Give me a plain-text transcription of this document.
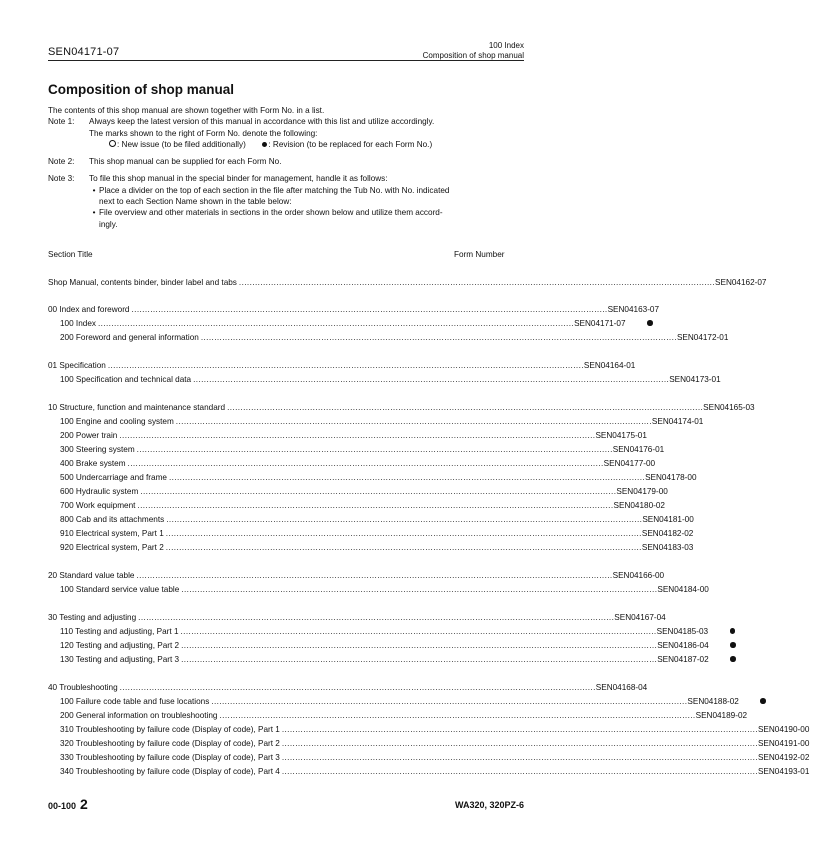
SEN04171-07
100 Index
Composition of shop manual
Composition of shop manual
The contents of this shop manual are shown together with Form No. in a list.
Note 1:	Always keep the latest version of this manual in accordance with this list and utilize accordingly.
The marks shown to the right of Form No. denote the following:
: New issue (to be filed additionally)	: Revision (to be replaced for each Form No.)
Note 2:	This shop manual can be supplied for each Form No.
Note 3:	To file this shop manual in the special binder for management, handle it as follows:
• Place a divider on the top of each section in the file after matching the Tub No. with No. indicated
next to each Section Name shown in the table below:
• File overview and other materials in sections in the order shown below and utilize them accord-
ingly.
Section Title	Form Number
Shop Manual, contents binder, binder label and tabs .................................................................................................................................................................................. SEN04162-07
00 Index and foreword .................................................................................................................................................................................. SEN04163-07
100 Index .................................................................................................................................................................................. SEN04171-07
200 Foreword and general information .................................................................................................................................................................................. SEN04172-01
01 Specification .................................................................................................................................................................................. SEN04164-01
100 Specification and technical data .................................................................................................................................................................................. SEN04173-01
10 Structure, function and maintenance standard .................................................................................................................................................................................. SEN04165-03
100 Engine and cooling system .................................................................................................................................................................................. SEN04174-01
200 Power train .................................................................................................................................................................................. SEN04175-01
300 Steering system .................................................................................................................................................................................. SEN04176-01
400 Brake system .................................................................................................................................................................................. SEN04177-00
500 Undercarriage and frame .................................................................................................................................................................................. SEN04178-00
600 Hydraulic system .................................................................................................................................................................................. SEN04179-00
700 Work equipment .................................................................................................................................................................................. SEN04180-02
800 Cab and its attachments .................................................................................................................................................................................. SEN04181-00
910 Electrical system, Part 1 .................................................................................................................................................................................. SEN04182-02
920 Electrical system, Part 2 .................................................................................................................................................................................. SEN04183-03
20 Standard value table .................................................................................................................................................................................. SEN04166-00
100 Standard service value table .................................................................................................................................................................................. SEN04184-00
30 Testing and adjusting .................................................................................................................................................................................. SEN04167-04
110 Testing and adjusting, Part 1 .................................................................................................................................................................................. SEN04185-03
120 Testing and adjusting, Part 2 .................................................................................................................................................................................. SEN04186-04
130 Testing and adjusting, Part 3 .................................................................................................................................................................................. SEN04187-02
40 Troubleshooting .................................................................................................................................................................................. SEN04168-04
100 Failure code table and fuse locations .................................................................................................................................................................................. SEN04188-02
200 General information on troubleshooting .................................................................................................................................................................................. SEN04189-02
310 Troubleshooting by failure code (Display of code), Part 1 .................................................................................................................................................................................. SEN04190-00
320 Troubleshooting by failure code (Display of code), Part 2 .................................................................................................................................................................................. SEN04191-00
330 Troubleshooting by failure code (Display of code), Part 3 .................................................................................................................................................................................. SEN04192-02
340 Troubleshooting by failure code (Display of code), Part 4 .................................................................................................................................................................................. SEN04193-01
00-100 2	WA320, 320PZ-6
